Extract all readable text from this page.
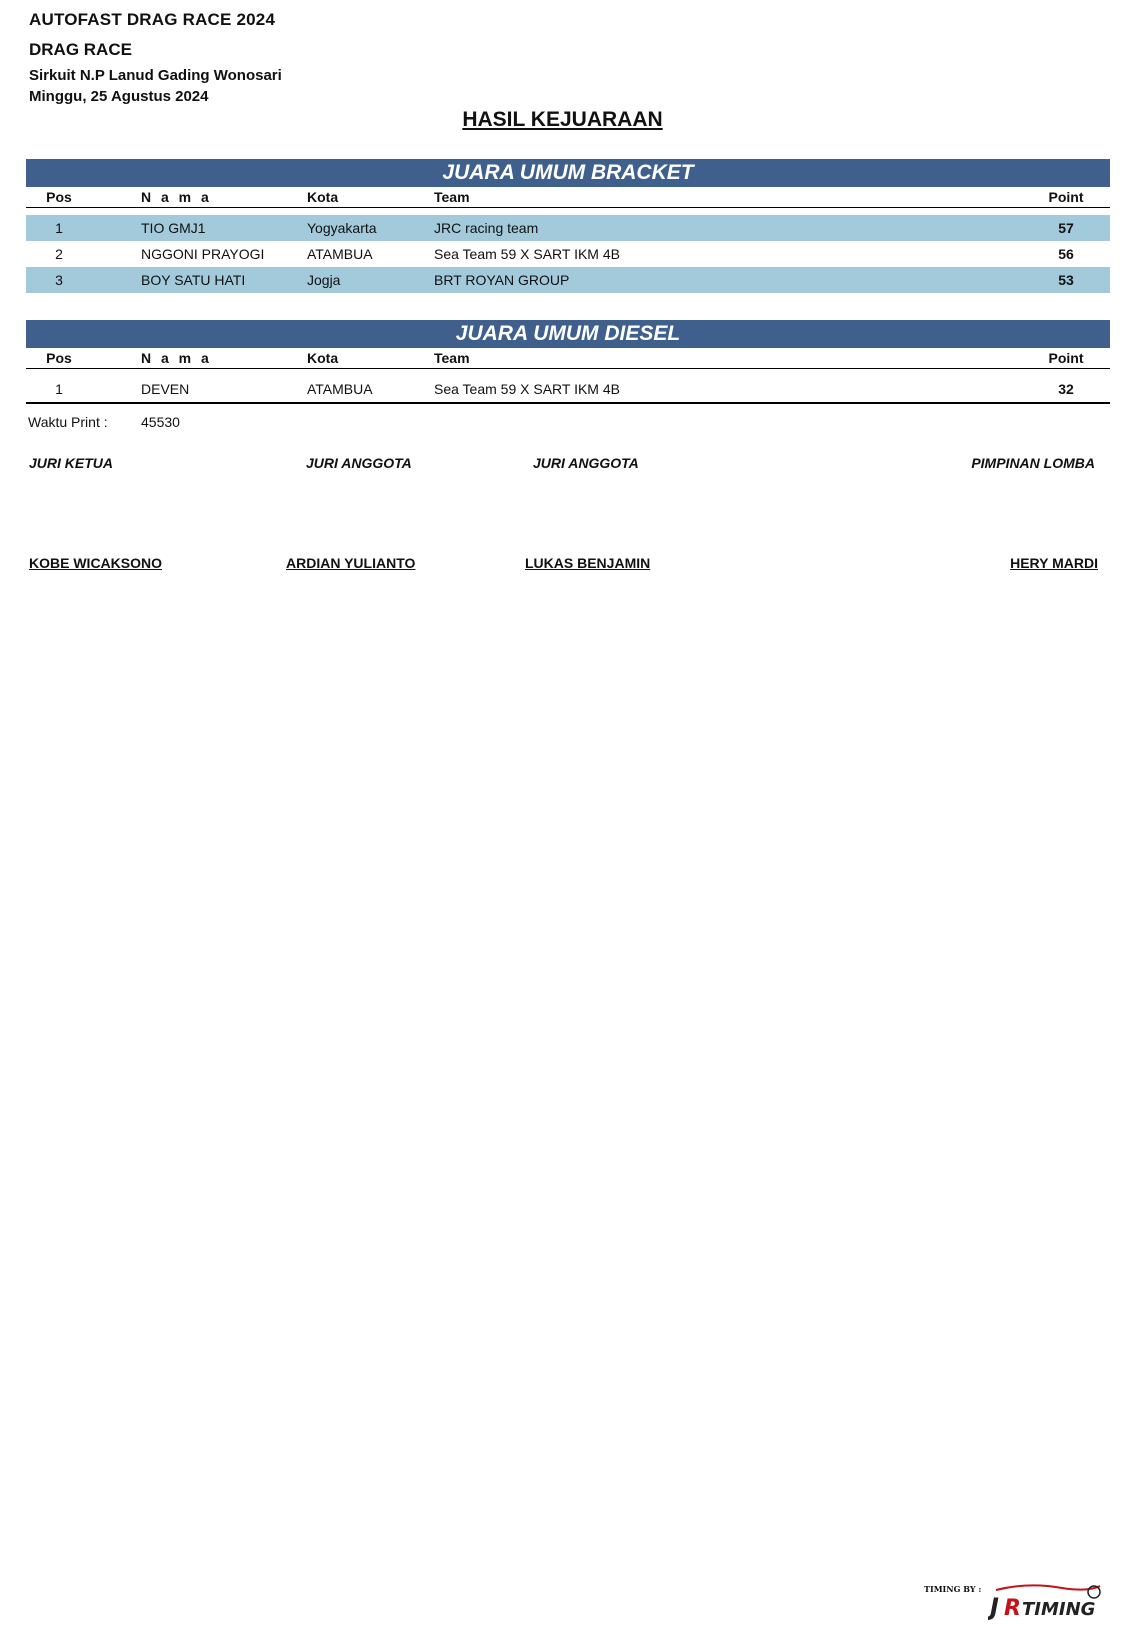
AUTOFAST DRAG RACE 2024
DRAG RACE
Sirkuit N.P Lanud Gading Wonosari
Minggu, 25 Agustus 2024
HASIL KEJUARAAN
JUARA UMUM BRACKET
Pos	N a m a	Kota	Team	Point
1	TIO GMJ1	Yogyakarta	JRC racing team	57
2	NGGONI PRAYOGI	ATAMBUA	Sea Team 59 X SART IKM 4B	56
3	BOY SATU HATI	Jogja	BRT ROYAN GROUP	53
JUARA UMUM DIESEL
Pos	N a m a	Kota	Team	Point
1	DEVEN	ATAMBUA	Sea Team 59 X SART IKM 4B	32
Waktu Print : 45530
JURI KETUA	JURI ANGGOTA	JURI ANGGOTA	PIMPINAN LOMBA
KOBE WICAKSONO	ARDIAN YULIANTO	LUKAS BENJAMIN	HERY MARDI
TIMING BY :
J R TIMING
